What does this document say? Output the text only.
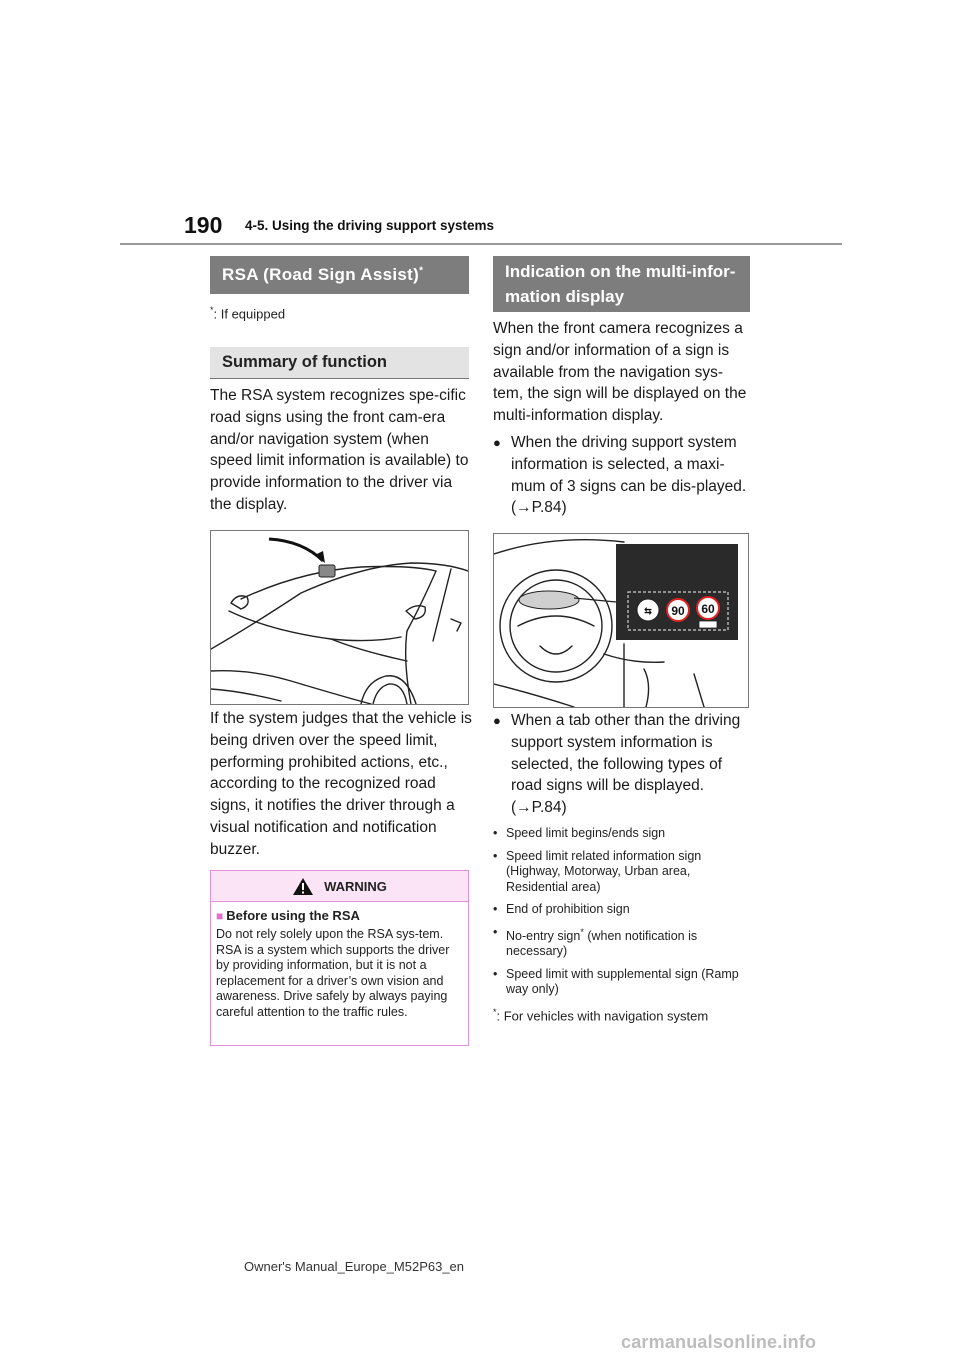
190 4-5. Using the driving support systems
RSA (Road Sign Assist)*
*: If equipped
Summary of function
The RSA system recognizes spe-cific road signs using the front cam-era and/or navigation system (when speed limit information is available) to provide information to the driver via the display.
If the system judges that the vehicle is being driven over the speed limit, performing prohibited actions, etc., according to the recognized road signs, it notifies the driver through a visual notification and notification buzzer.
WARNING
■ Before using the RSA
Do not rely solely upon the RSA sys-tem. RSA is a system which supports the driver by providing information, but it is not a replacement for a driver’s own vision and awareness. Drive safely by always paying careful attention to the traffic rules.
Indication on the multi-infor-
mation display
When the front camera recognizes a sign and/or information of a sign is available from the navigation sys-tem, the sign will be displayed on the multi-information display.
● When the driving support system information is selected, a maxi-mum of 3 signs can be dis-played. (→P.84)
⇆ 90 60
● When a tab other than the driving support system information is selected, the following types of road signs will be displayed. (→P.84)
• Speed limit begins/ends sign
• Speed limit related information sign (Highway, Motorway, Urban area, Residential area)
• End of prohibition sign
• No-entry sign* (when notification is necessary)
• Speed limit with supplemental sign (Ramp way only)
*: For vehicles with navigation system
Owner's Manual_Europe_M52P63_en
carmanualsonline.info
